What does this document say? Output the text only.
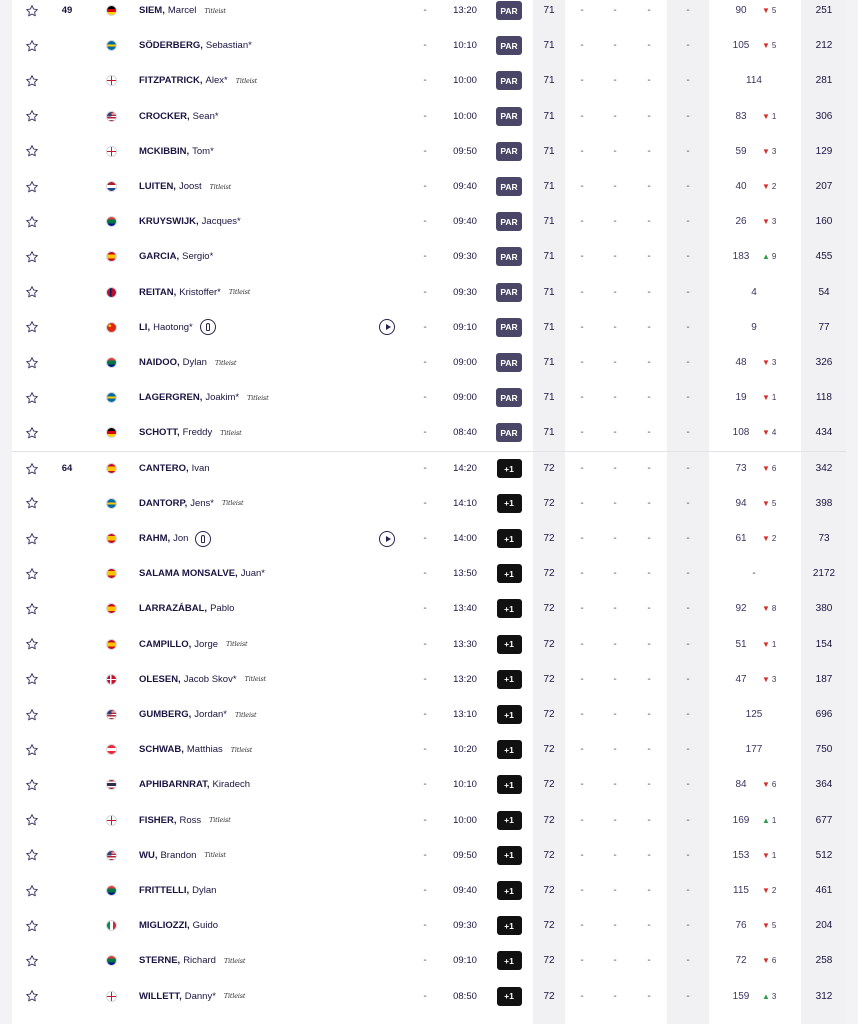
49	SIEM, Marcel Titleist	-	13:20	PAR	71	-	-	-	-	90	▼ 5	251
SÖDERBERG, Sebastian*	-	10:10	PAR	71	-	-	-	-	105	▼ 5	212
FITZPATRICK, Alex* Titleist	-	10:00	PAR	71	-	-	-	-	114	281
CROCKER, Sean*	-	10:00	PAR	71	-	-	-	-	83	▼ 1	306
MCKIBBIN, Tom*	-	09:50	PAR	71	-	-	-	-	59	▼ 3	129
LUITEN, Joost Titleist	-	09:40	PAR	71	-	-	-	-	40	▼ 2	207
KRUYSWIJK, Jacques*	-	09:40	PAR	71	-	-	-	-	26	▼ 3	160
GARCIA, Sergio*	-	09:30	PAR	71	-	-	-	-	183	▲ 9	455
REITAN, Kristoffer* Titleist	-	09:30	PAR	71	-	-	-	-	4	54
LI, Haotong*	-	09:10	PAR	71	-	-	-	-	9	77
NAIDOO, Dylan Titleist	-	09:00	PAR	71	-	-	-	-	48	▼ 3	326
LAGERGREN, Joakim* Titleist	-	09:00	PAR	71	-	-	-	-	19	▼ 1	118
SCHOTT, Freddy Titleist	-	08:40	PAR	71	-	-	-	-	108	▼ 4	434
64	CANTERO, Ivan	-	14:20	+1	72	-	-	-	-	73	▼ 6	342
DANTORP, Jens* Titleist	-	14:10	+1	72	-	-	-	-	94	▼ 5	398
RAHM, Jon	-	14:00	+1	72	-	-	-	-	61	▼ 2	73
SALAMA MONSALVE, Juan*	-	13:50	+1	72	-	-	-	-	-	2172
LARRAZÁBAL, Pablo	-	13:40	+1	72	-	-	-	-	92	▼ 8	380
CAMPILLO, Jorge Titleist	-	13:30	+1	72	-	-	-	-	51	▼ 1	154
OLESEN, Jacob Skov* Titleist	-	13:20	+1	72	-	-	-	-	47	▼ 3	187
GUMBERG, Jordan* Titleist	-	13:10	+1	72	-	-	-	-	125	696
SCHWAB, Matthias Titleist	-	10:20	+1	72	-	-	-	-	177	750
APHIBARNRAT, Kiradech	-	10:10	+1	72	-	-	-	-	84	▼ 6	364
FISHER, Ross Titleist	-	10:00	+1	72	-	-	-	-	169	▲ 1	677
WU, Brandon Titleist	-	09:50	+1	72	-	-	-	-	153	▼ 1	512
FRITTELLI, Dylan	-	09:40	+1	72	-	-	-	-	115	▼ 2	461
MIGLIOZZI, Guido	-	09:30	+1	72	-	-	-	-	76	▼ 5	204
STERNE, Richard Titleist	-	09:10	+1	72	-	-	-	-	72	▼ 6	258
WILLETT, Danny* Titleist	-	08:50	+1	72	-	-	-	-	159	▲ 3	312
